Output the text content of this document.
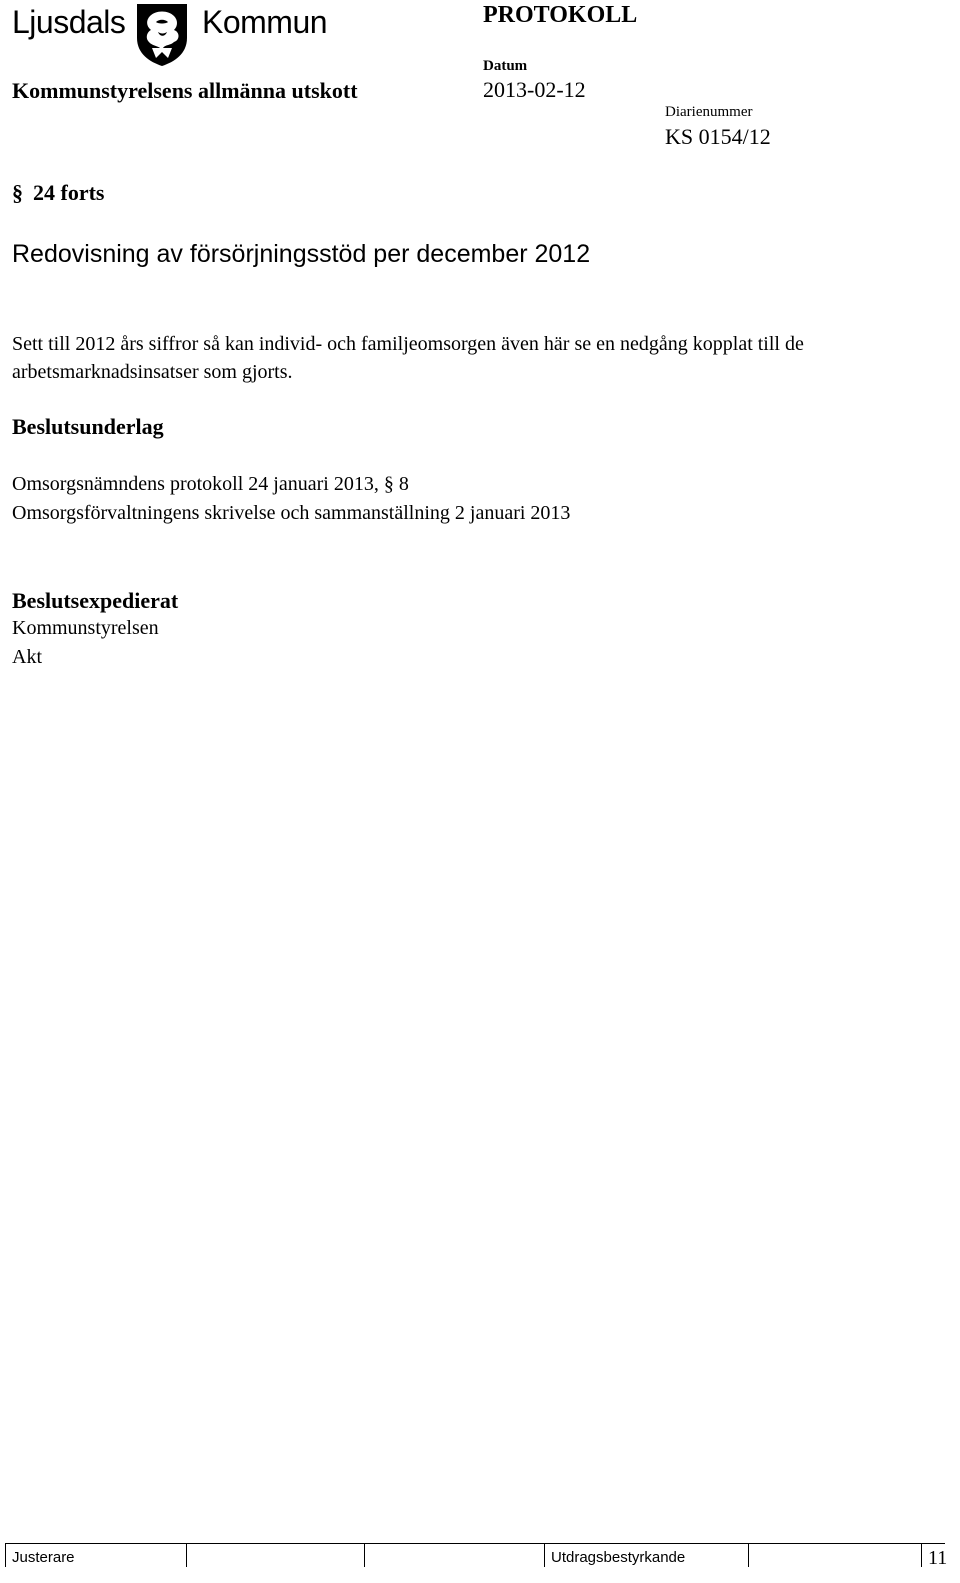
Ljusdals Kommun	PROTOKOLL
Kommunstyrelsens allmänna utskott
Datum
2013-02-12
Diarienummer
KS 0154/12
§ 24 forts
Redovisning av försörjningsstöd per december 2012
Sett till 2012 års siffror så kan individ- och familjeomsorgen även här se en nedgång kopplat till de arbetsmarknadsinsatser som gjorts.
Beslutsunderlag
Omsorgsnämndens protokoll 24 januari 2013, § 8
Omsorgsförvaltningens skrivelse och sammanställning 2 januari 2013
Beslutsexpedierat
Kommunstyrelsen
Akt
Justerare	Utdragsbestyrkande	11
